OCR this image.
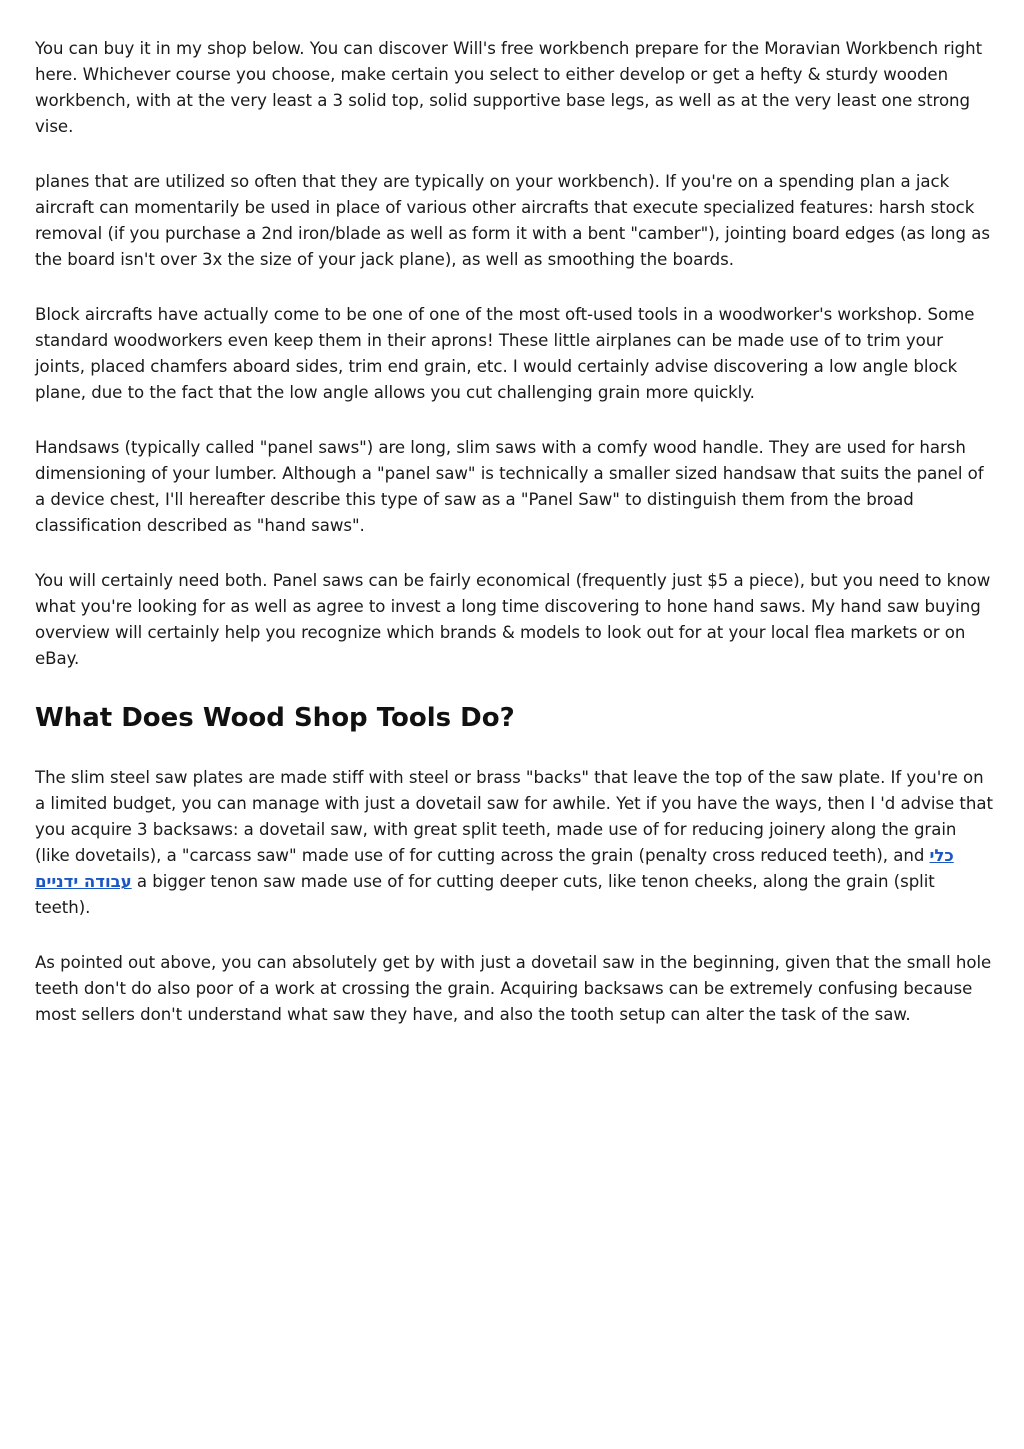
You can buy it in my shop below. You can discover Will's free workbench prepare for the Moravian Workbench right here. Whichever course you choose, make certain you select to either develop or get a hefty & sturdy wooden workbench, with at the very least a 3 solid top, solid supportive base legs, as well as at the very least one strong vise.

planes that are utilized so often that they are typically on your workbench). If you're on a spending plan a jack aircraft can momentarily be used in place of various other aircrafts that execute specialized features: harsh stock removal (if you purchase a 2nd iron/blade as well as form it with a bent "camber"), jointing board edges (as long as the board isn't over 3x the size of your jack plane), as well as smoothing the boards.

Block aircrafts have actually come to be one of one of the most oft-used tools in a woodworker's workshop. Some standard woodworkers even keep them in their aprons! These little airplanes can be made use of to trim your joints, placed chamfers aboard sides, trim end grain, etc. I would certainly advise discovering a low angle block plane, due to the fact that the low angle allows you cut challenging grain more quickly.

Handsaws (typically called "panel saws") are long, slim saws with a comfy wood handle. They are used for harsh dimensioning of your lumber. Although a "panel saw" is technically a smaller sized handsaw that suits the panel of a device chest, I'll hereafter describe this type of saw as a "Panel Saw" to distinguish them from the broad classification described as "hand saws".

You will certainly need both. Panel saws can be fairly economical (frequently just $5 a piece), but you need to know what you're looking for as well as agree to invest a long time discovering to hone hand saws. My hand saw buying overview will certainly help you recognize which brands & models to look out for at your local flea markets or on eBay.

What Does Wood Shop Tools Do?

The slim steel saw plates are made stiff with steel or brass "backs" that leave the top of the saw plate. If you're on a limited budget, you can manage with just a dovetail saw for awhile. Yet if you have the ways, then I 'd advise that you acquire 3 backsaws: a dovetail saw, with great split teeth, made use of for reducing joinery along the grain (like dovetails), a "carcass saw" made use of for cutting across the grain (penalty cross reduced teeth), and כלי עבודה ידניים a bigger tenon saw made use of for cutting deeper cuts, like tenon cheeks, along the grain (split teeth).

As pointed out above, you can absolutely get by with just a dovetail saw in the beginning, given that the small hole teeth don't do also poor of a work at crossing the grain. Acquiring backsaws can be extremely confusing because most sellers don't understand what saw they have, and also the tooth setup can alter the task of the saw.
